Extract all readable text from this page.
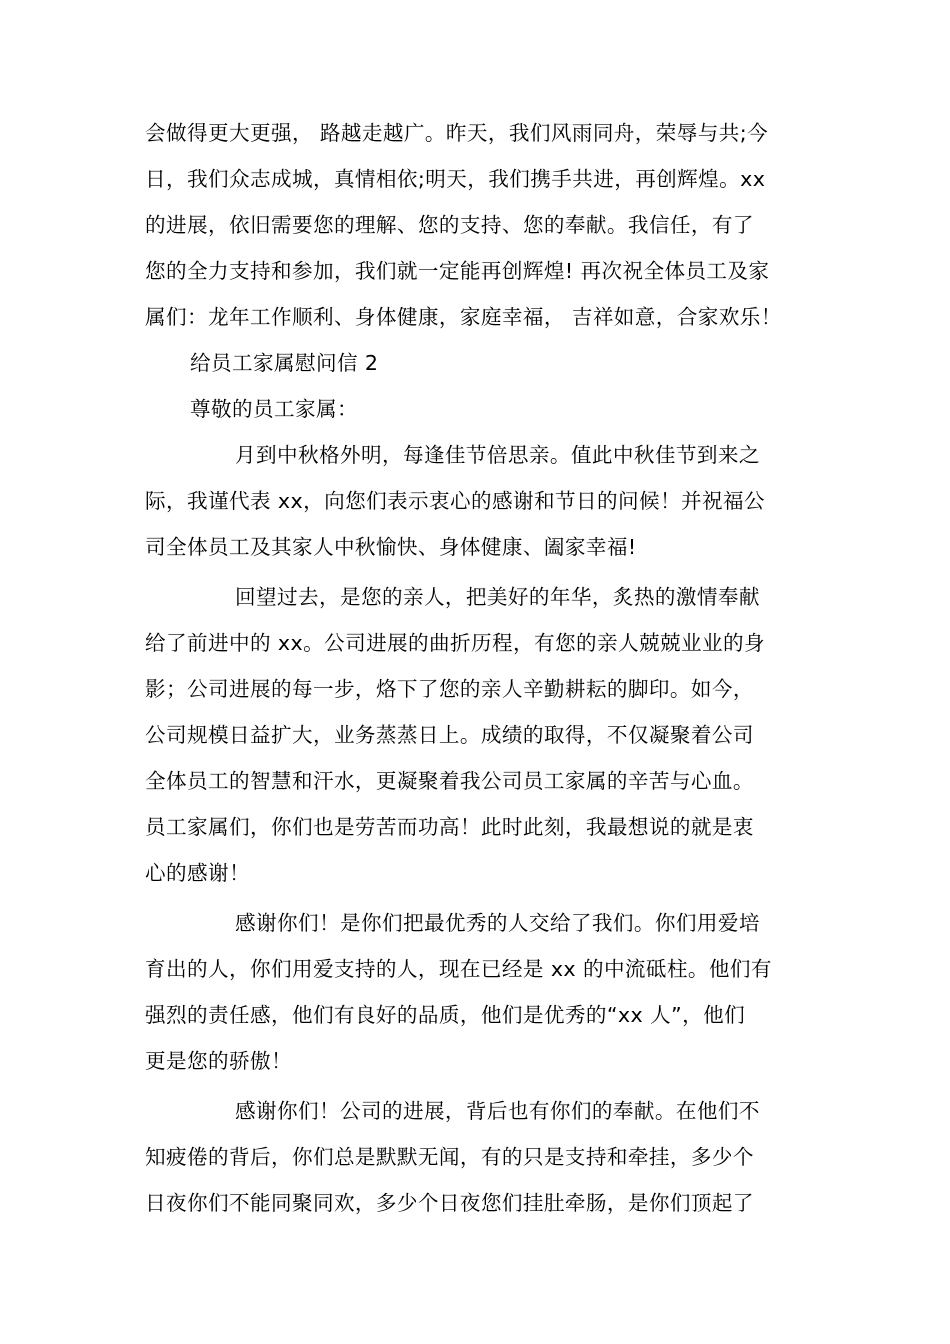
会做得更大更强， 路越走越广。昨天，我们风雨同舟，荣辱与共;今
日，我们众志成城，真情相依;明天，我们携手共进，再创辉煌。xx
的进展，依旧需要您的理解、您的支持、您的奉献。我信任，有了
您的全力支持和参加，我们就一定能再创辉煌! 再次祝全体员工及家
属们：龙年工作顺利、身体健康，家庭幸福， 吉祥如意，合家欢乐！
给员工家属慰问信 2
尊敬的员工家属：
月到中秋格外明，每逢佳节倍思亲。值此中秋佳节到来之
际，我谨代表 xx，向您们表示衷心的感谢和节日的问候！并祝福公
司全体员工及其家人中秋愉快、身体健康、阖家幸福!
回望过去，是您的亲人，把美好的年华，炙热的激情奉献
给了前进中的 xx。公司进展的曲折历程，有您的亲人兢兢业业的身
影；公司进展的每一步，烙下了您的亲人辛勤耕耘的脚印。如今，
公司规模日益扩大，业务蒸蒸日上。成绩的取得，不仅凝聚着公司
全体员工的智慧和汗水，更凝聚着我公司员工家属的辛苦与心血。
员工家属们，你们也是劳苦而功高！此时此刻，我最想说的就是衷
心的感谢！
感谢你们！是你们把最优秀的人交给了我们。你们用爱培
育出的人，你们用爱支持的人，现在已经是 xx 的中流砥柱。他们有
强烈的责任感，他们有良好的品质，他们是优秀的“xx 人”，他们
更是您的骄傲！
感谢你们！公司的进展，背后也有你们的奉献。在他们不
知疲倦的背后，你们总是默默无闻，有的只是支持和牵挂，多少个
日夜你们不能同聚同欢，多少个日夜您们挂肚牵肠，是你们顶起了
